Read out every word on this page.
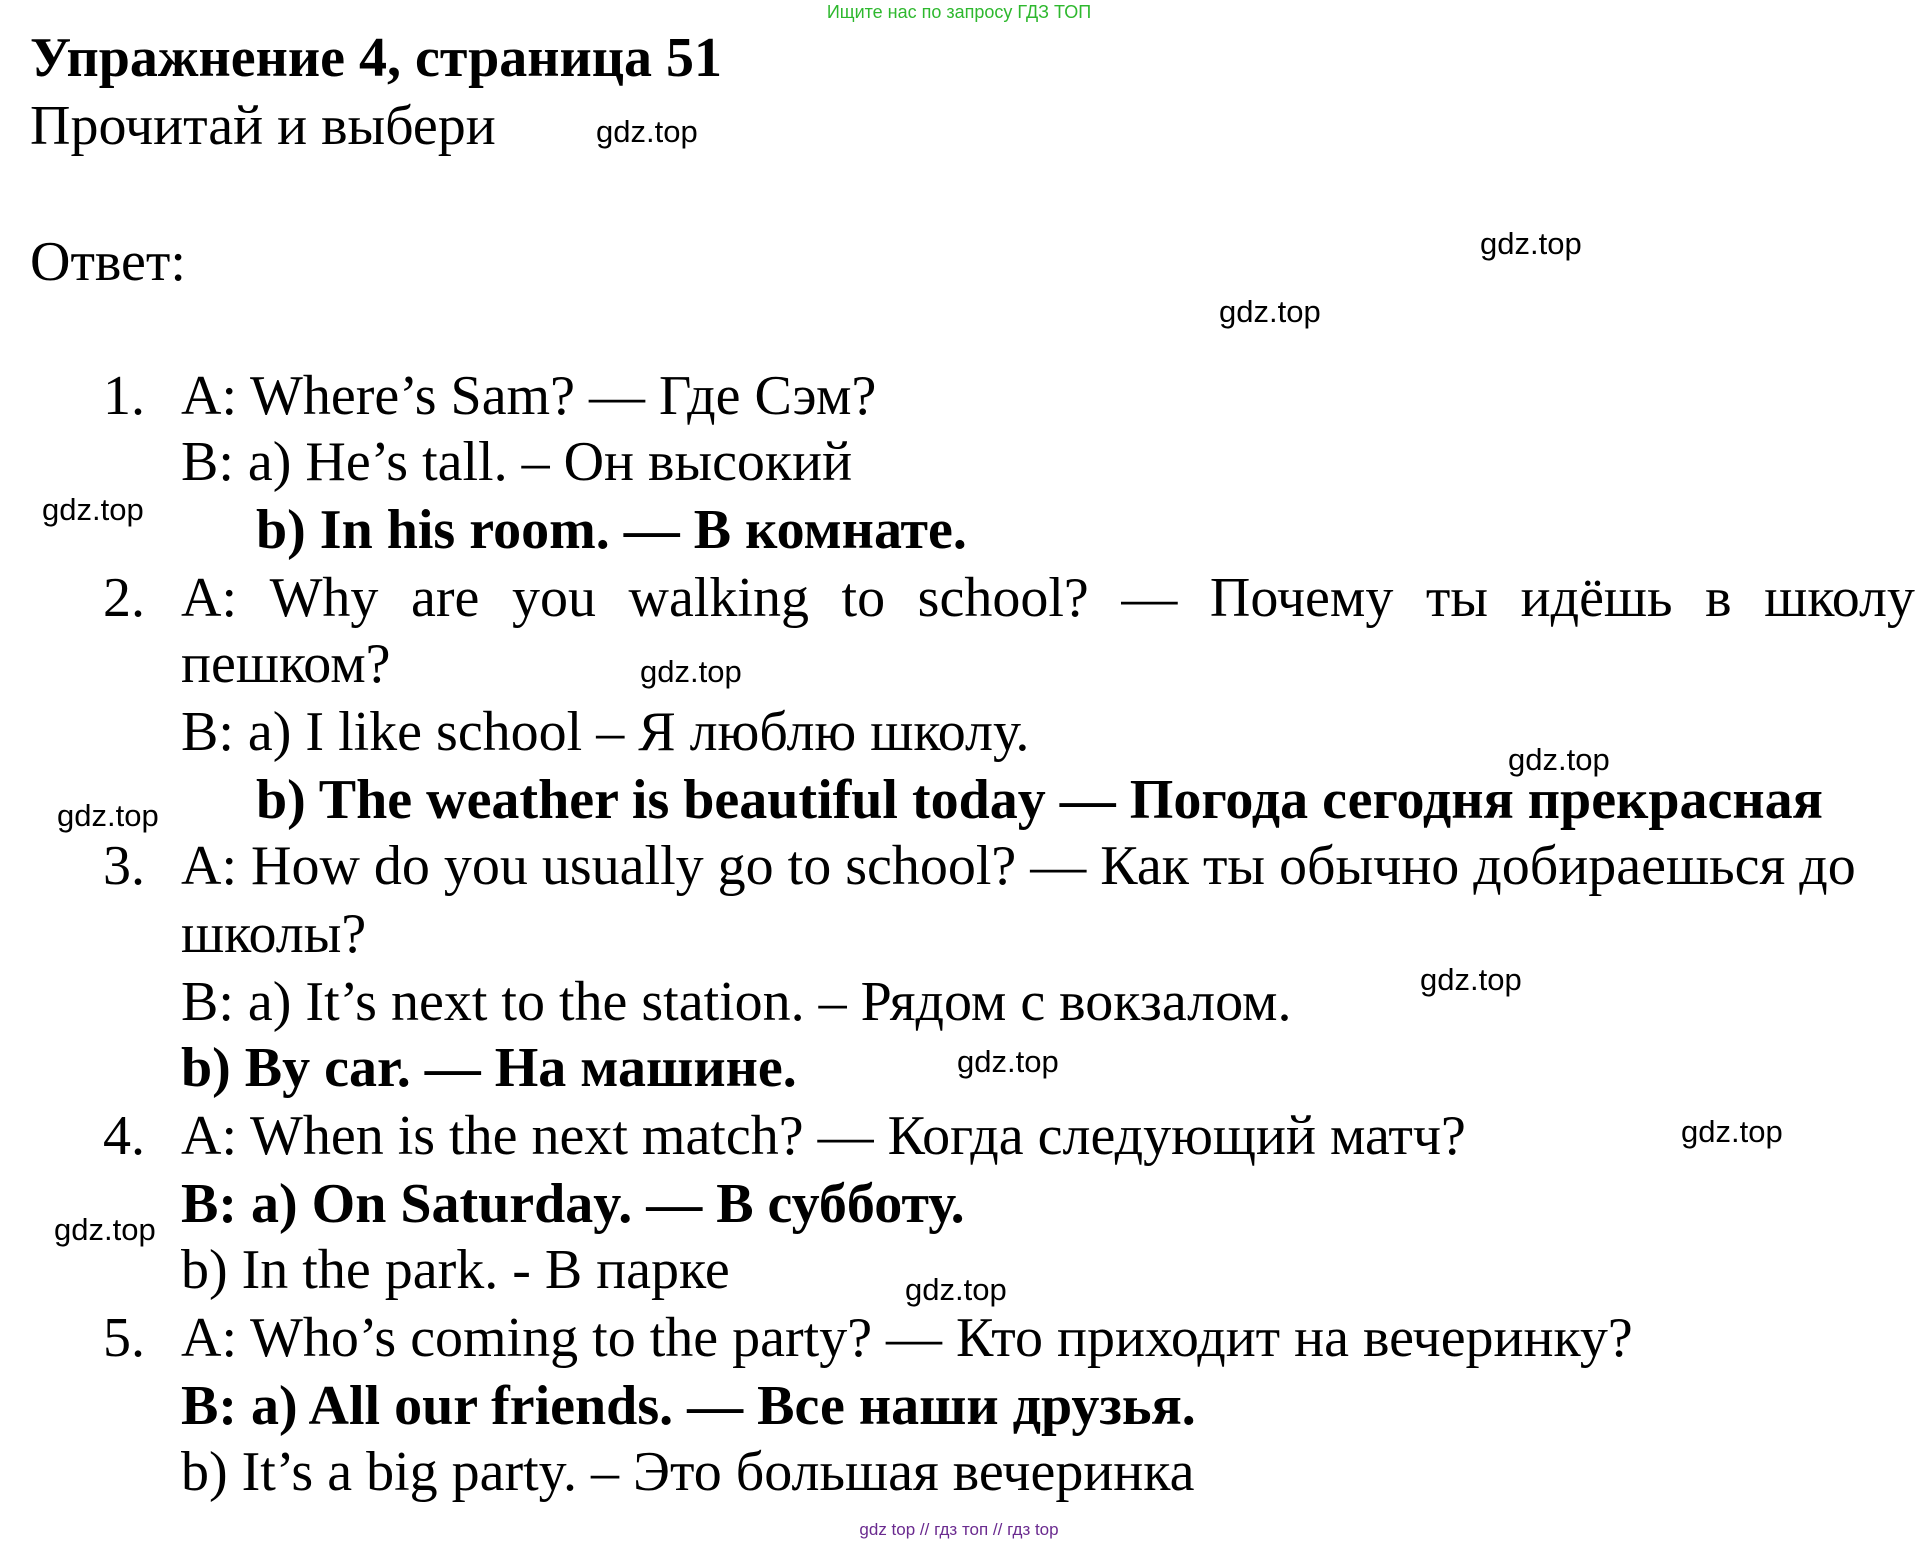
Ищите нас по запросу ГДЗ ТОП
Упражнение 4, страница 51
Прочитай и выбери
Ответ:
gdz.top
gdz.top
gdz.top
gdz.top
gdz.top
gdz.top
gdz.top
gdz.top
gdz.top
gdz.top
gdz.top
gdz.top
1. A: Where’s Sam? — Где Сэм?
B: a) He’s tall. – Он высокий
b) In his room. — В комнате.
2. A: Why are you walking to school? — Почему ты идёшь в школу
пешком?
B: a) I like school – Я люблю школу.
b) The weather is beautiful today — Погода сегодня прекрасная
3. A: How do you usually go to school? — Как ты обычно добираешься до
школы?
B: a) It’s next to the station. – Рядом с вокзалом.
b) By car. — На машине.
4. A: When is the next match? — Когда следующий матч?
B: a) On Saturday. — В субботу.
b) In the park. - В парке
5. A: Who’s coming to the party? — Кто приходит на вечеринку?
B: a) All our friends. — Все наши друзья.
b) It’s a big party. – Это большая вечеринка
gdz top // гдз топ // гдз top
